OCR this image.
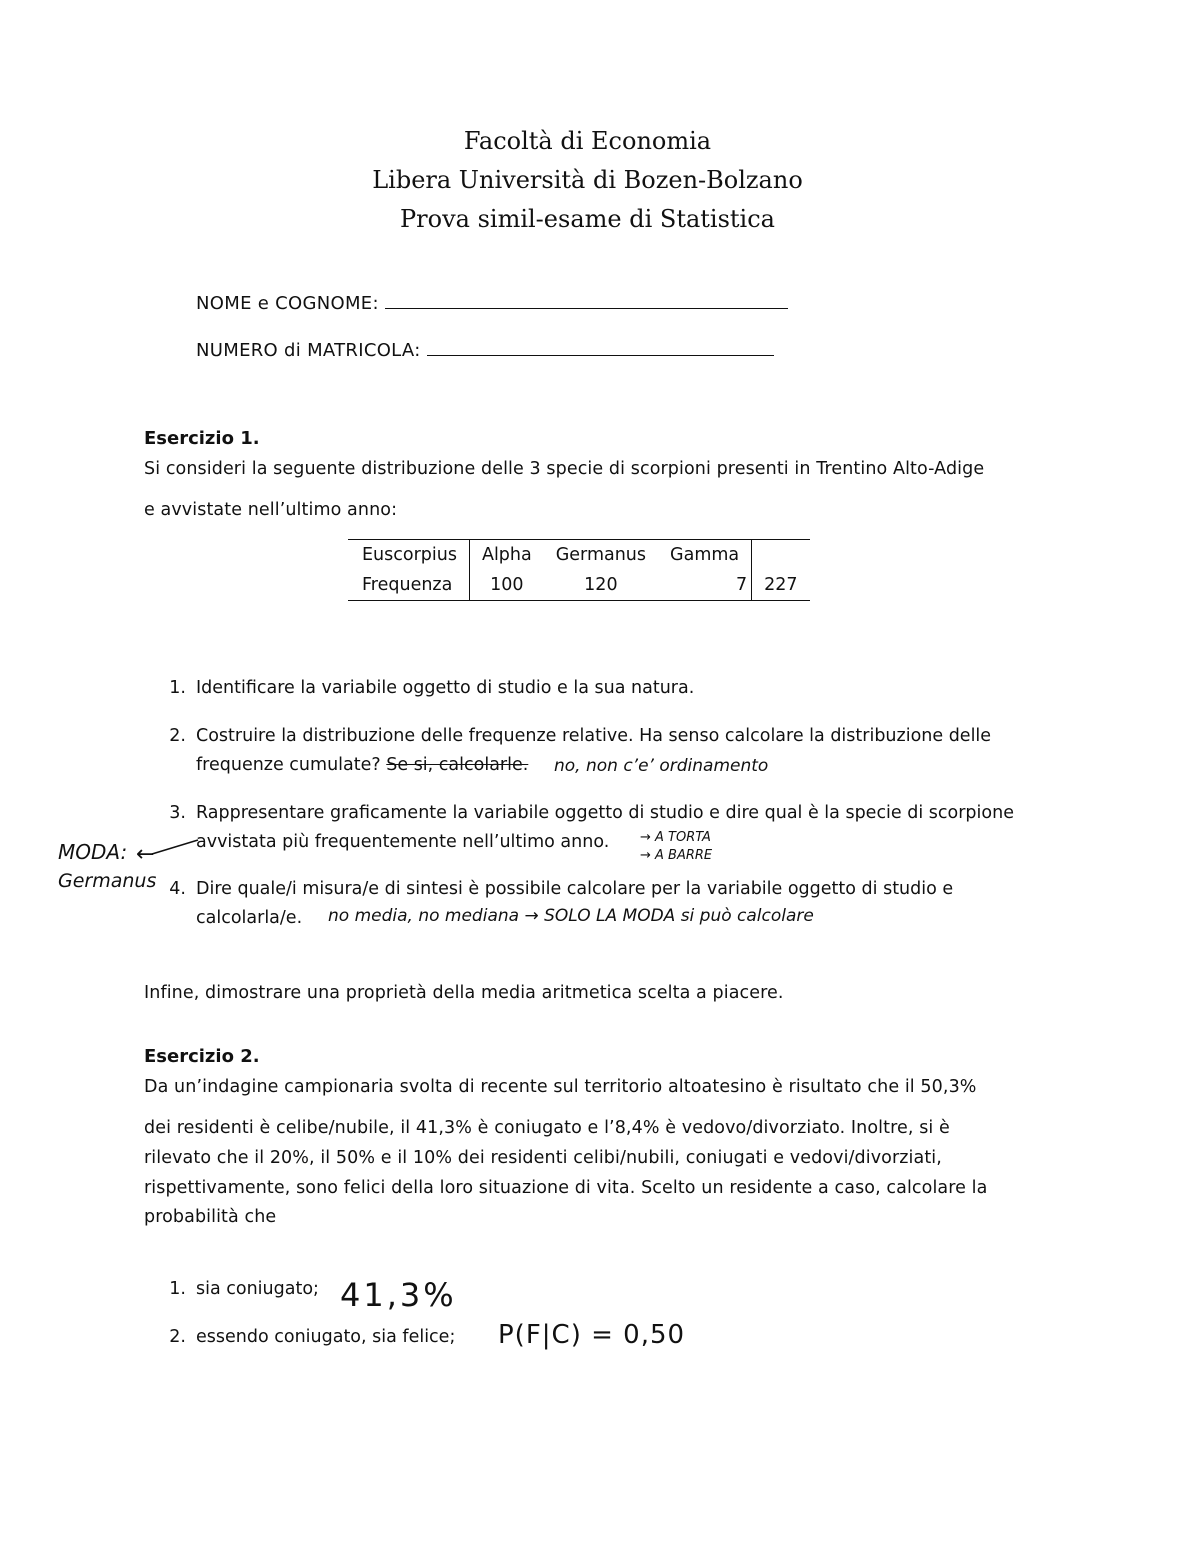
Facoltà di Economia
Libera Università di Bozen-Bolzano
Prova simil-esame di Statistica
NOME e COGNOME:
NUMERO di MATRICOLA:
Esercizio 1.
Si consideri la seguente distribuzione delle 3 specie di scorpioni presenti in Trentino Alto-Adige
e avvistate nell’ultimo anno:
Euscorpius	Alpha	Germanus	Gamma	
Frequenza	100	120	7	227
1. Identificare la variabile oggetto di studio e la sua natura.
2. Costruire la distribuzione delle frequenze relative. Ha senso calcolare la distribuzione delle
frequenze cumulate? Se si, calcolarle. no, non c’e’ ordinamento
3. Rappresentare graficamente la variabile oggetto di studio e dire qual è la specie di scorpione
avvistata più frequentemente nell’ultimo anno. → A TORTA
→ A BARRE
MODA:
Germanus
←
4. Dire quale/i misura/e di sintesi è possibile calcolare per la variabile oggetto di studio e
calcolarla/e. no media, no mediana → SOLO LA MODA si può calcolare
Infine, dimostrare una proprietà della media aritmetica scelta a piacere.
Esercizio 2.
Da un’indagine campionaria svolta di recente sul territorio altoatesino è risultato che il 50,3%
dei residenti è celibe/nubile, il 41,3% è coniugato e l’8,4% è vedovo/divorziato. Inoltre, si è
rilevato che il 20%, il 50% e il 10% dei residenti celibi/nubili, coniugati e vedovi/divorziati,
rispettivamente, sono felici della loro situazione di vita. Scelto un residente a caso, calcolare la
probabilità che
1. sia coniugato; 41,3%
2. essendo coniugato, sia felice; P(F|C) = 0,50
